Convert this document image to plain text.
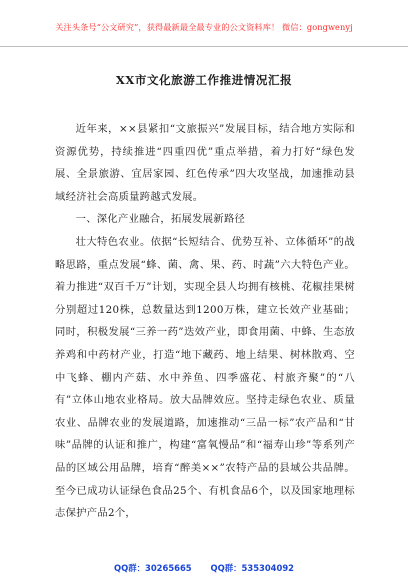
关注头条号“公文研究”，获得最新最全最专业的公文资料库！ 微信：gongwenyj
XX市文化旅游工作推进情况汇报

近年来，××县紧扣“文旅振兴”发展目标，结合地方实际和资源优势，持续推进“四重四优”重点举措，着力打好“绿色发展、全景旅游、宜居家园、红色传承”四大攻坚战，加速推动县域经济社会高质量跨越式发展。

一、深化产业融合，拓展发展新路径

壮大特色农业。依据“长短结合、优势互补、立体循环”的战略思路，重点发展“蜂、菌、禽、果、药、时蔬”六大特色产业。着力推进“双百千万”计划，实现全县人均拥有核桃、花椒挂果树分别超过120株，总数量达到1200万株，建立长效产业基础；同时，积极发展“三养一药”迭效产业，即食用菌、中蜂、生态放养鸡和中药材产业，打造“地下藏药、地上结果、树林散鸡、空中飞蜂、棚内产菇、水中养鱼、四季盛花、村旅齐聚”的“八有”立体山地农业格局。放大品牌效应。坚持走绿色农业、质量农业、品牌农业的发展道路，加速推动“三品一标”农产品和“甘味”品牌的认证和推广，构建“富氧慢品”和“福寿山珍”等系列产品的区域公用品牌，培育“醉美××”农特产品的县域公共品牌。至今已成功认证绿色食品25个、有机食品6个，以及国家地理标志保护产品2个，

QQ群：30265665 QQ群：535304092
